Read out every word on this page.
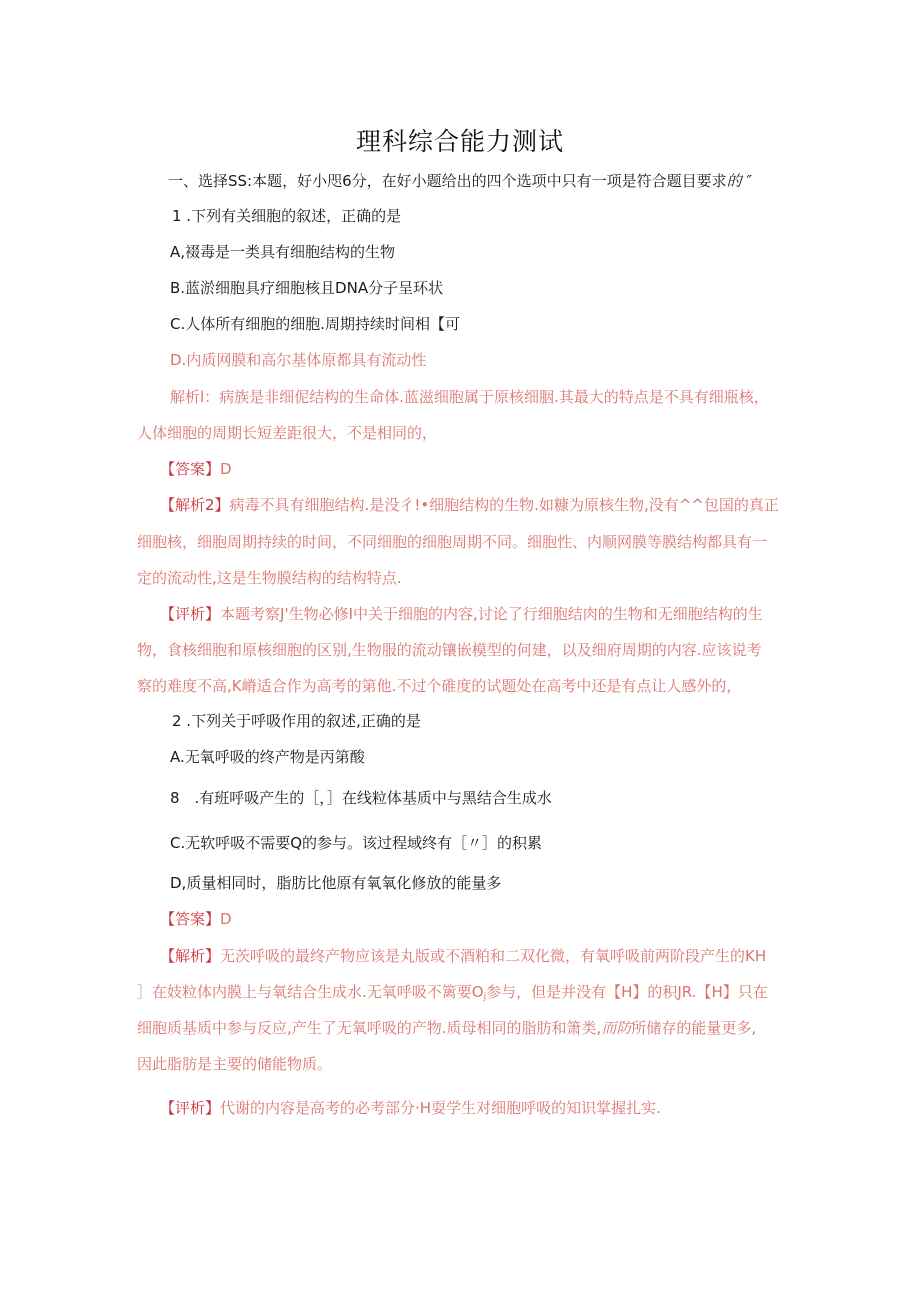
理科综合能力测试
一、选择SS:本题，好小咫6分，在好小题给出的四个选项中只有一项是符合题目要求的 ″
1 .下列有关细胞的叙述，正确的是
A,裰毒是一类具有细胞结构的生物
B.蓝淤细胞具疗细胞核且DNA分子呈环状
C.人体所有细胞的细胞.周期持续时间相【可
D.内质网膜和高尔基体原都具有流动性
解析l：病族是非细伲结构的生命体.蓝滋细胞属于原核细胭.其最大的特点是不具有细瓶核，
人体细胞的周期长短差距很大，不是相同的，
【答案】D
【解析2】病毒不具有细胞结构.是没彳!•细胞结构的生物.如糠为原核生物,没有^^包国的真正
细胞核，细胞周期持续的时间，不同细胞的细胞周期不同。细胞性、内顺网膜等膜结构都具有一
定的流动性,这是生物膜结构的结构特点.
【评析】本题考察J'生物必修I中关于细胞的内容,讨论了行细胞结肉的生物和无细胞结构的生
物，食核细胞和原核细胞的区别,生物服的流动镶嵌模型的何建，以及细府周期的内容.应该说考
察的难度不高,K嵴适合作为高考的第他.不过个碓度的试题处在高考中还是有点让人感外的，
2 .下列关于呼吸作用的叙述,正确的是
A.无氧呼吸的终产物是丙第酸
8　.有班呼吸产生的［，］在线粒体基质中与黑结合生成水
C.无软呼吸不需要Q的参与。该过程域终有［〃］的积累
D,质量相同时，脂肪比他原有氧氧化修放的能量多
【答案】D
【解析】无茨呼吸的最终产物应该是丸版或不酒粕和二双化微，有氧呼吸前两阶段产生的KH
］在妓粒体内膜上与氧结合生成水.无氧呼吸不篱要$O_j$参与，但是并没有【H】的积JR.【H】只在
细胞质基质中参与反应,产生了无氧呼吸的产物.质母相同的脂肪和箫类,而防所储存的能量更多,
因此脂肪是主要的储能物质。
【评析】代谢的内容是高考的必考部分·H耍学生对细胞呼吸的知识掌握扎实.
